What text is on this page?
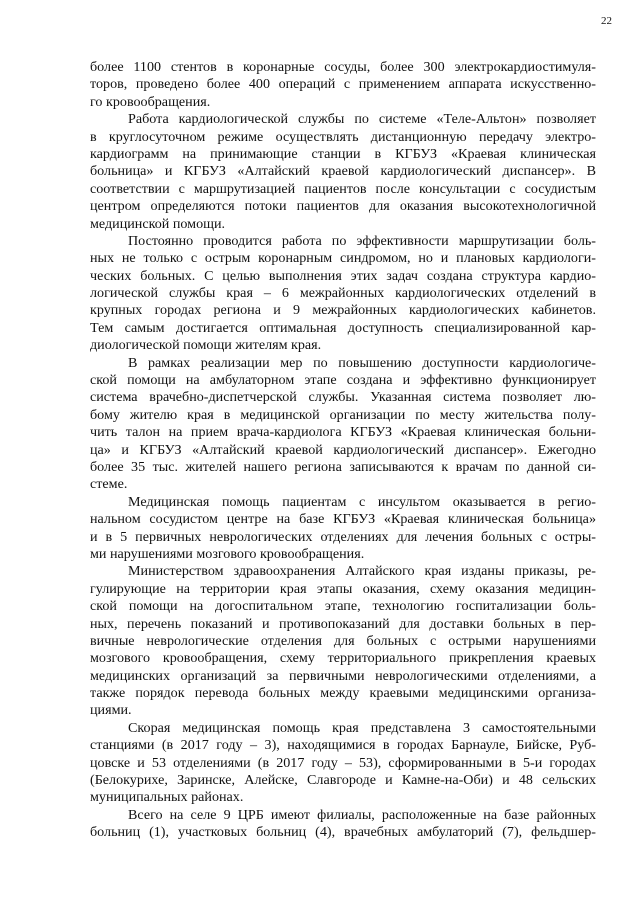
22
более 1100 стентов в коронарные сосуды, более 300 электрокардиостимуля-
торов, проведено более 400 операций с применением аппарата искусственно-
го кровообращения.
Работа кардиологической службы по системе «Теле-Альтон» позволяет
в круглосуточном режиме осуществлять дистанционную передачу электро-
кардиограмм на принимающие станции в КГБУЗ «Краевая клиническая
больница» и КГБУЗ «Алтайский краевой кардиологический диспансер». В
соответствии с маршрутизацией пациентов после консультации с сосудистым
центром определяются потоки пациентов для оказания высокотехнологичной
медицинской помощи.
Постоянно проводится работа по эффективности маршрутизации боль-
ных не только с острым коронарным синдромом, но и плановых кардиологи-
ческих больных. С целью выполнения этих задач создана структура кардио-
логической службы края – 6 межрайонных кардиологических отделений в
крупных городах региона и 9 межрайонных кардиологических кабинетов.
Тем самым достигается оптимальная доступность специализированной кар-
диологической помощи жителям края.
В рамках реализации мер по повышению доступности кардиологиче-
ской помощи на амбулаторном этапе создана и эффективно функционирует
система врачебно-диспетчерской службы. Указанная система позволяет лю-
бому жителю края в медицинской организации по месту жительства полу-
чить талон на прием врача-кардиолога КГБУЗ «Краевая клиническая больни-
ца» и КГБУЗ «Алтайский краевой кардиологический диспансер». Ежегодно
более 35 тыс. жителей нашего региона записываются к врачам по данной си-
стеме.
Медицинская помощь пациентам с инсультом оказывается в регио-
нальном сосудистом центре на базе КГБУЗ «Краевая клиническая больница»
и в 5 первичных неврологических отделениях для лечения больных с остры-
ми нарушениями мозгового кровообращения.
Министерством здравоохранения Алтайского края изданы приказы, ре-
гулирующие на территории края этапы оказания, схему оказания медицин-
ской помощи на догоспитальном этапе, технологию госпитализации боль-
ных, перечень показаний и противопоказаний для доставки больных в пер-
вичные неврологические отделения для больных с острыми нарушениями
мозгового кровообращения, схему территориального прикрепления краевых
медицинских организаций за первичными неврологическими отделениями, а
также порядок перевода больных между краевыми медицинскими организа-
циями.
Скорая медицинская помощь края представлена 3 самостоятельными
станциями (в 2017 году – 3), находящимися в городах Барнауле, Бийске, Руб-
цовске и 53 отделениями (в 2017 году – 53), сформированными в 5-и городах
(Белокурихе, Заринске, Алейске, Славгороде и Камне-на-Оби) и 48 сельских
муниципальных районах.
Всего на селе 9 ЦРБ имеют филиалы, расположенные на базе районных
больниц (1), участковых больниц (4), врачебных амбулаторий (7), фельдшер-
